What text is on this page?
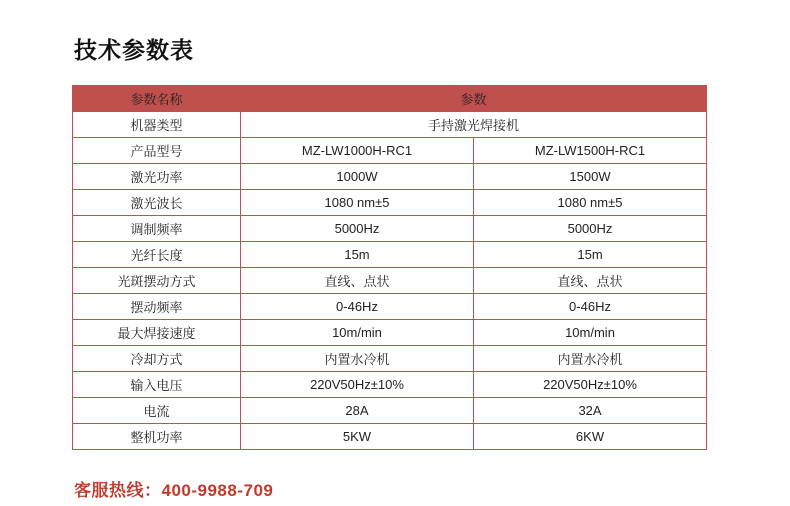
技术参数表
参数名称	参数	
机器类型	手持激光焊接机	
产品型号	MZ-LW1000H-RC1	MZ-LW1500H-RC1
激光功率	1000W	1500W
激光波长	1080 nm±5	1080 nm±5
调制频率	5000Hz	5000Hz
光纤长度	15m	15m
光斑摆动方式	直线、点状	直线、点状
摆动频率	0-46Hz	0-46Hz
最大焊接速度	10m/min	10m/min
冷却方式	内置水冷机	内置水冷机
输入电压	220V50Hz±10%	220V50Hz±10%
电流	28A	32A
整机功率	5KW	6KW
客服热线：400-9988-709
